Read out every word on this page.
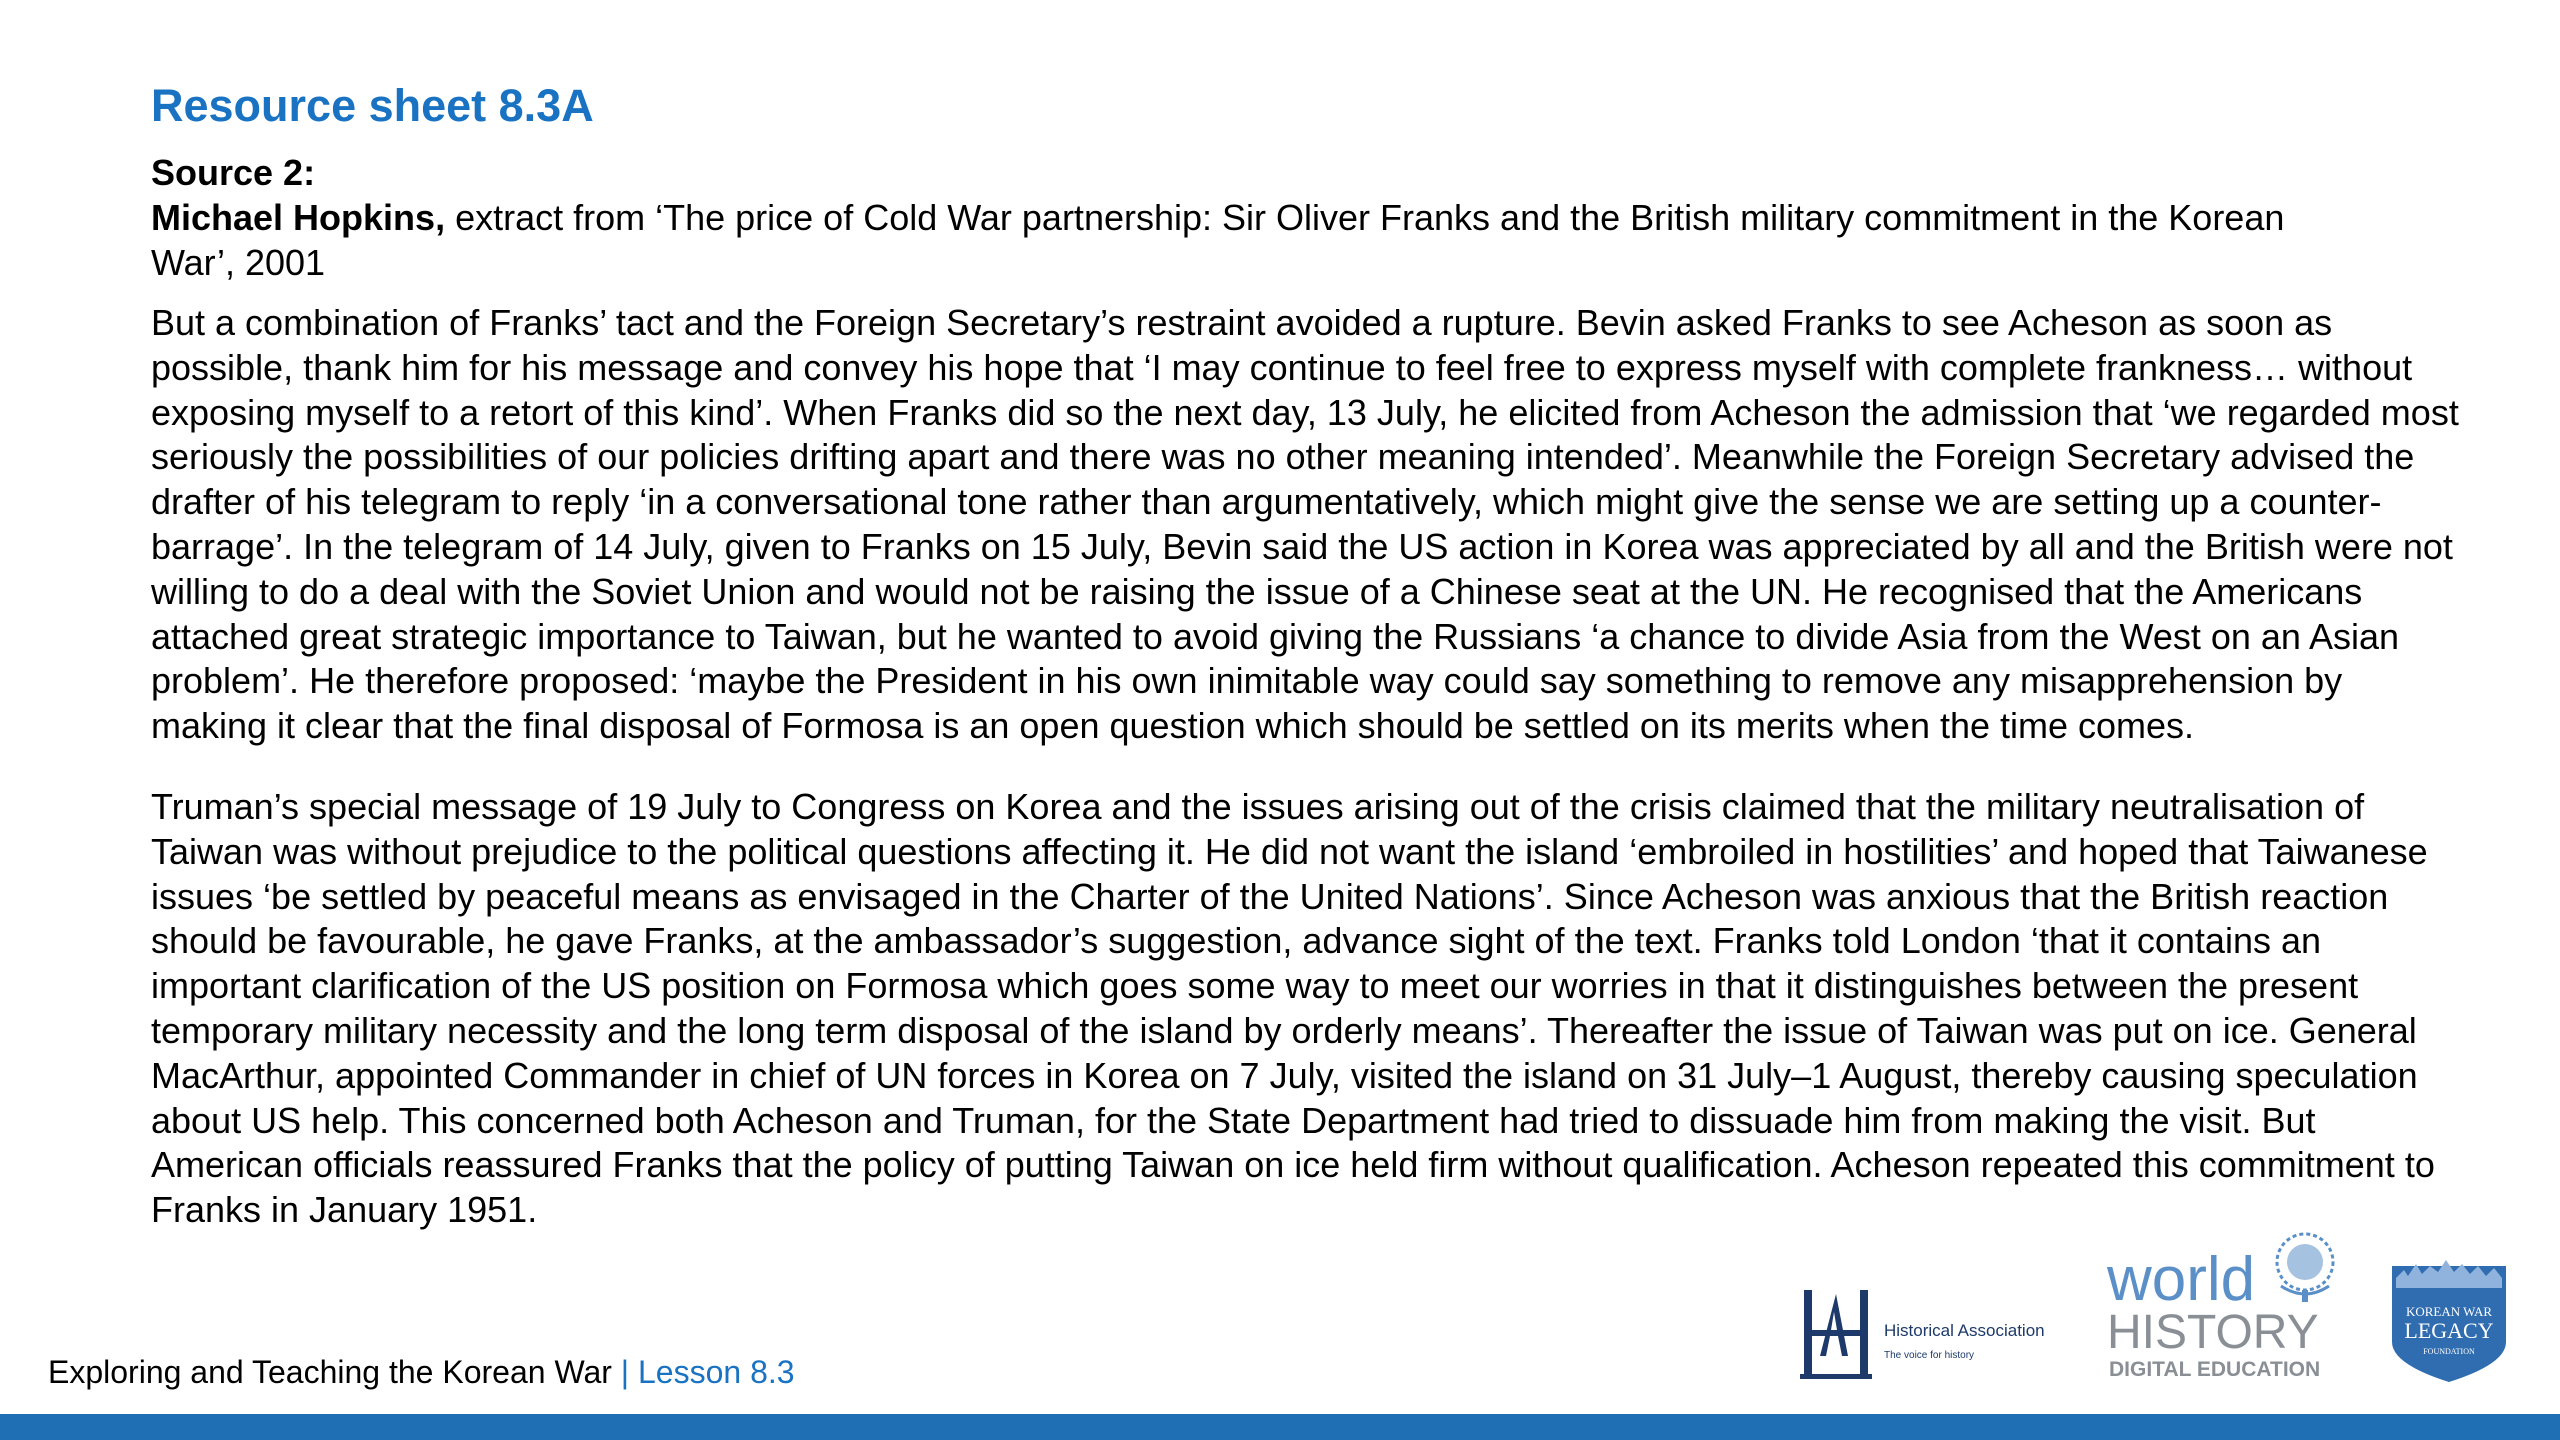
Resource sheet 8.3A
Source 2:
Michael Hopkins, extract from ‘The price of Cold War partnership: Sir Oliver Franks and the British military commitment in the Korean War’, 2001

But a combination of Franks’ tact and the Foreign Secretary’s restraint avoided a rupture. Bevin asked Franks to see Acheson as soon as possible, thank him for his message and convey his hope that ‘I may continue to feel free to express myself with complete frankness… without exposing myself to a retort of this kind’. When Franks did so the next day, 13 July, he elicited from Acheson the admission that ‘we regarded most seriously the possibilities of our policies drifting apart and there was no other meaning intended’. Meanwhile the Foreign Secretary advised the drafter of his telegram to reply ‘in a conversational tone rather than argumentatively, which might give the sense we are setting up a counter-barrage’. In the telegram of 14 July, given to Franks on 15 July, Bevin said the US action in Korea was appreciated by all and the British were not willing to do a deal with the Soviet Union and would not be raising the issue of a Chinese seat at the UN. He recognised that the Americans attached great strategic importance to Taiwan, but he wanted to avoid giving the Russians ‘a chance to divide Asia from the West on an Asian problem’. He therefore proposed: ‘maybe the President in his own inimitable way could say something to remove any misapprehension by making it clear that the final disposal of Formosa is an open question which should be settled on its merits when the time comes.

Truman’s special message of 19 July to Congress on Korea and the issues arising out of the crisis claimed that the military neutralisation of Taiwan was without prejudice to the political questions affecting it. He did not want the island ‘embroiled in hostilities’ and hoped that Taiwanese issues ‘be settled by peaceful means as envisaged in the Charter of the United Nations’. Since Acheson was anxious that the British reaction should be favourable, he gave Franks, at the ambassador’s suggestion, advance sight of the text. Franks told London ‘that it contains an important clarification of the US position on Formosa which goes some way to meet our worries in that it distinguishes between the present temporary military necessity and the long term disposal of the island by orderly means’. Thereafter the issue of Taiwan was put on ice. General MacArthur, appointed Commander in chief of UN forces in Korea on 7 July, visited the island on 31 July–1 August, thereby causing speculation about US help. This concerned both Acheson and Truman, for the State Department had tried to dissuade him from making the visit. But American officials reassured Franks that the policy of putting Taiwan on ice held firm without qualification. Acheson repeated this commitment to Franks in January 1951.

Exploring and Teaching the Korean War | Lesson 8.3
Historical Association
The voice for history
world
HISTORY
DIGITAL EDUCATION
KOREAN WAR
LEGACY
FOUNDATION
